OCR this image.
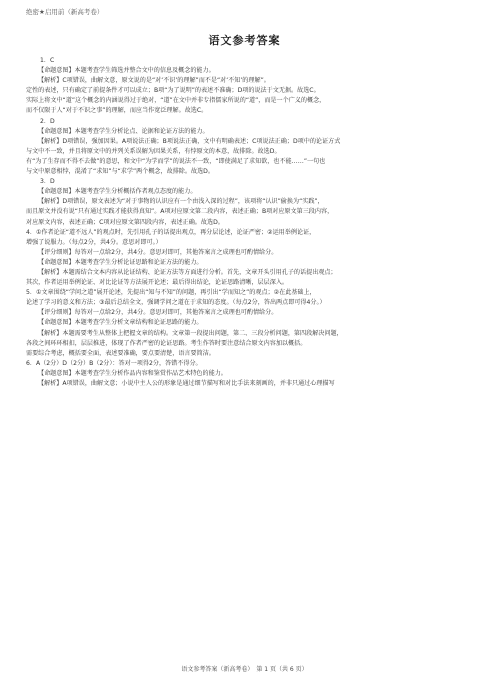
绝密★启用前（新高考卷）
语文参考答案
1．C
【命题意图】本题考查学生筛选并整合文中的信息及概念的能力。
【解析】C项错误，曲解文意，原文说的是“对‘不识’的理解”而不是“对‘不知’的理解”。
定性的表述，只有确定了前提条件才可以成立；B项“为了说明”的表述不准确；D项的说法于文无据。故选C。
实际上将文中“道”这个概念的内涵说得过于绝对，“道”在文中并非专指儒家所说的“道”，而是一个广义的概念，
而不仅限于人“对于不识之事”的理解，而应当作宽泛理解。故选C。
2．D
【命题意图】本题考查学生分析论点、论据和论证方法的能力。
【解析】D项错误，强加因果。A项说法正确；B项说法正确，文中有明确表述；C项说法正确；D项中的论证方式
与文中不一致，并且将原文中的并列关系误解为因果关系，有悖原文的本意，故排除。故选D。
有“为了生存而不得不去做”的意思，和文中“为学而学”的说法不一致，“即使满足了求知欲，也不能……”一句也
与文中原意相悖，混淆了“求知”与“求学”两个概念，故排除。故选D。
3．D
【命题意图】本题考查学生分析概括作者观点态度的能力。
【解析】D项错误，原文表述为“对于事物的认识应有一个由浅入深的过程”，该项将“认识”偷换为“实践”，
而且原文并没有说“只有通过实践才能获得真知”。A项对应原文第二段内容，表述正确；B项对应原文第三段内容，
对应原文内容，表述正确；C项对应原文第四段内容，表述正确。故选D。
4．①作者论证“道不远人”的观点时，先引用孔子的话提出观点，再分层论述，论证严密；②运用举例论证，
增强了说服力。（每点2分，共4分。意思对即可。）
【评分细则】每答对一点给2分，共4分。意思对即可，其他答案言之成理也可酌情给分。
【命题意图】本题考查学生分析论证思路和论证方法的能力。
【解析】本题需结合文本内容从论证结构、论证方法等方面进行分析。首先，文章开头引用孔子的话提出观点；
其次，作者运用举例论证、对比论证等方法展开论述；最后得出结论，论证思路清晰，层层深入。
5．①文章围绕“学问之道”展开论述，先提出“知与不知”的问题，再引出“学而知之”的观点；②在此基础上，
论述了学习的意义和方法；③最后总结全文，强调学问之道在于求知的态度。（每点2分，答出两点即可得4分。）
【评分细则】每答对一点给2分，共4分。意思对即可，其他答案言之成理也可酌情给分。
【命题意图】本题考查学生分析文章结构和论证思路的能力。
【解析】本题需要考生从整体上把握文章的结构。文章第一段提出问题，第二、三段分析问题，第四段解决问题，
各段之间环环相扣，层层推进，体现了作者严密的论证思路。考生作答时要注意结合原文内容加以概括。
需要综合考虑，概括要全面，表述要准确，要点要清楚，语言要简洁。
6．A（2分）D（2分）B（2分）：答对一项得2分，答错不得分。
【命题意图】本题考查学生分析作品内容和鉴赏作品艺术特色的能力。
【解析】A项错误，曲解文意；小说中主人公的形象是通过细节描写和对比手法来刻画的，并非只通过心理描写
语文参考答案（新高考卷）　第 1 页（共 6 页）
